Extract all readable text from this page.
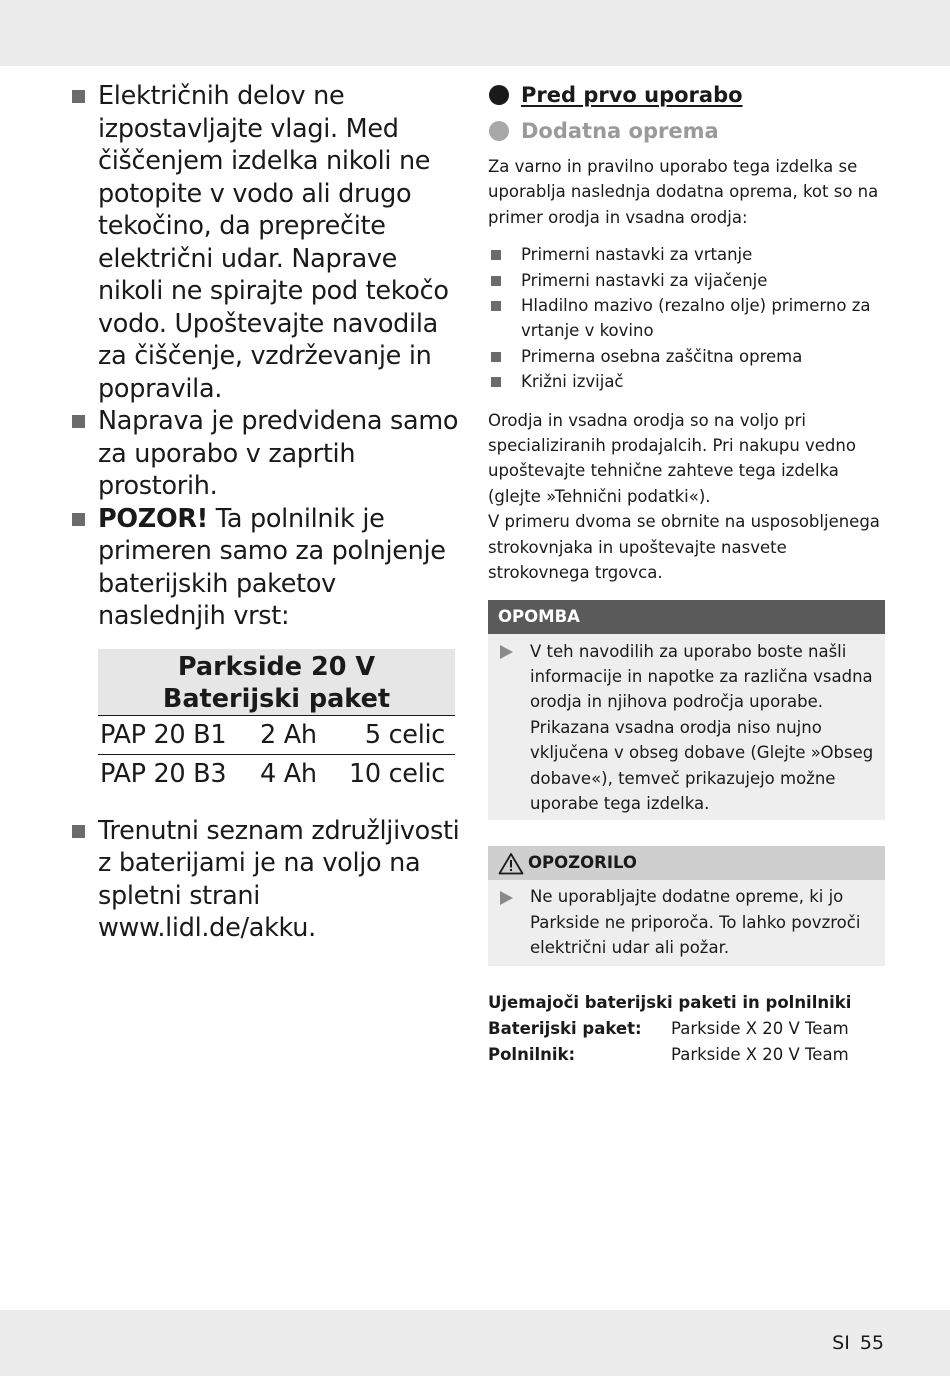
Električnih delov ne izpostavljajte vlagi. Med čiščenjem izdelka nikoli ne potopite v vodo ali drugo tekočino, da preprečite električni udar. Naprave nikoli ne spirajte pod tekočo vodo. Upoštevajte navodila za čiščenje, vzdrževanje in popravila.
Naprava je predvidena samo za uporabo v zaprtih prostorih.
POZOR! Ta polnilnik je primeren samo za polnjenje baterijskih paketov naslednjih vrst:
Parkside 20 V
Baterijski paket
PAP 20 B1	2 Ah	5 celic
PAP 20 B3	4 Ah	10 celic
Trenutni seznam združljivosti z baterijami je na voljo na spletni strani www.lidl.de/akku.
Pred prvo uporabo
Dodatna oprema
Za varno in pravilno uporabo tega izdelka se uporablja naslednja dodatna oprema, kot so na primer orodja in vsadna orodja:
Primerni nastavki za vrtanje
Primerni nastavki za vijačenje
Hladilno mazivo (rezalno olje) primerno za vrtanje v kovino
Primerna osebna zaščitna oprema
Križni izvijač
Orodja in vsadna orodja so na voljo pri specializiranih prodajalcih. Pri nakupu vedno upoštevajte tehnične zahteve tega izdelka (glejte »Tehnični podatki«).
V primeru dvoma se obrnite na usposobljenega strokovnjaka in upoštevajte nasvete strokovnega trgovca.
OPOMBA
V teh navodilih za uporabo boste našli informacije in napotke za različna vsadna orodja in njihova področja uporabe. Prikazana vsadna orodja niso nujno vključena v obseg dobave (Glejte »Obseg dobave«), temveč prikazujejo možne uporabe tega izdelka.
OPOZORILO
Ne uporabljajte dodatne opreme, ki jo Parkside ne priporoča. To lahko povzroči električni udar ali požar.
Ujemajoči baterijski paketi in polnilniki
Baterijski paket:	Parkside X 20 V Team
Polnilnik:	Parkside X 20 V Team
SI 55
